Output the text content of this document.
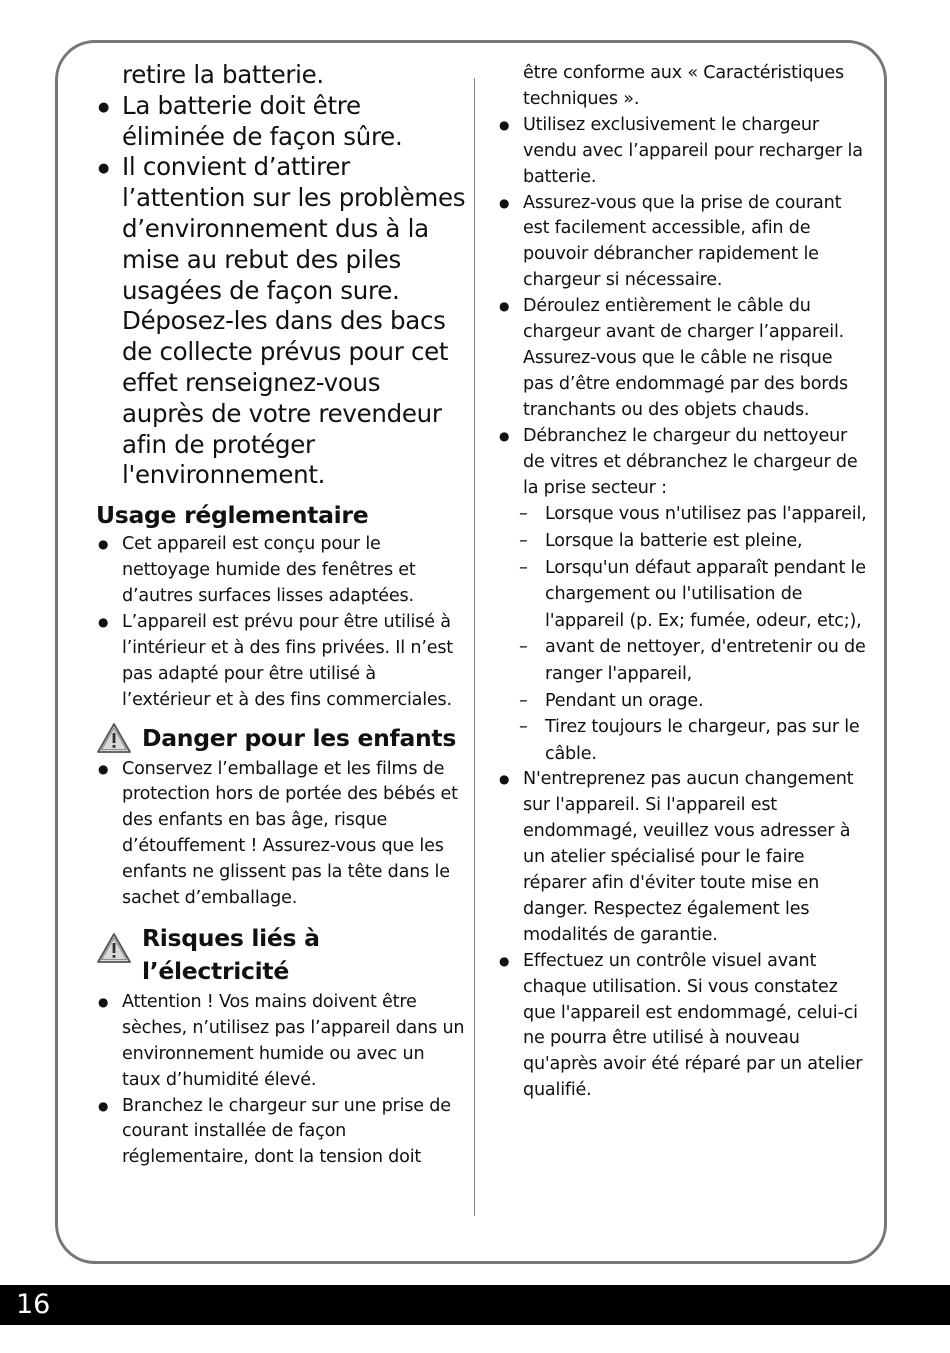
retire la batterie.
● La batterie doit être éliminée de façon sûre.
● Il convient d’attirer l’attention sur les problèmes d’environnement dus à la mise au rebut des piles usagées de façon sure. Déposez-les dans des bacs de collecte prévus pour cet effet renseignez-vous auprès de votre revendeur afin de protéger l'environnement.
Usage réglementaire
● Cet appareil est conçu pour le nettoyage humide des fenêtres et d’autres surfaces lisses adaptées.
● L’appareil est prévu pour être utilisé à l’intérieur et à des fins privées. Il n’est pas adapté pour être utilisé à l’extérieur et à des fins commerciales.
Danger pour les enfants
● Conservez l’emballage et les films de protection hors de portée des bébés et des enfants en bas âge, risque d’étouffement ! Assurez-vous que les enfants ne glissent pas la tête dans le sachet d’emballage.
Risques liés à
l’électricité
● Attention ! Vos mains doivent être sèches, n’utilisez pas l’appareil dans un environnement humide ou avec un taux d’humidité élevé.
● Branchez le chargeur sur une prise de courant installée de façon réglementaire, dont la tension doit
être conforme aux « Caractéristiques techniques ».
● Utilisez exclusivement le chargeur vendu avec l’appareil pour recharger la batterie.
● Assurez-vous que la prise de courant est facilement accessible, afin de pouvoir débrancher rapidement le chargeur si nécessaire.
● Déroulez entièrement le câble du chargeur avant de charger l’appareil. Assurez-vous que le câble ne risque pas d’être endommagé par des bords tranchants ou des objets chauds.
● Débranchez le chargeur du nettoyeur de vitres et débranchez le chargeur de la prise secteur :
– Lorsque vous n'utilisez pas l'appareil,
– Lorsque la batterie est pleine,
– Lorsqu'un défaut apparaît pendant le chargement ou l'utilisation de l'appareil (p. Ex; fumée, odeur, etc;),
– avant de nettoyer, d'entretenir ou de ranger l'appareil,
– Pendant un orage.
– Tirez toujours le chargeur, pas sur le câble.
● N'entreprenez pas aucun changement sur l'appareil. Si l'appareil est endommagé, veuillez vous adresser à un atelier spécialisé pour le faire réparer afin d'éviter toute mise en danger. Respectez également les modalités de garantie.
● Effectuez un contrôle visuel avant chaque utilisation. Si vous constatez que l'appareil est endommagé, celui-ci ne pourra être utilisé à nouveau qu'après avoir été réparé par un atelier qualifié.
16
